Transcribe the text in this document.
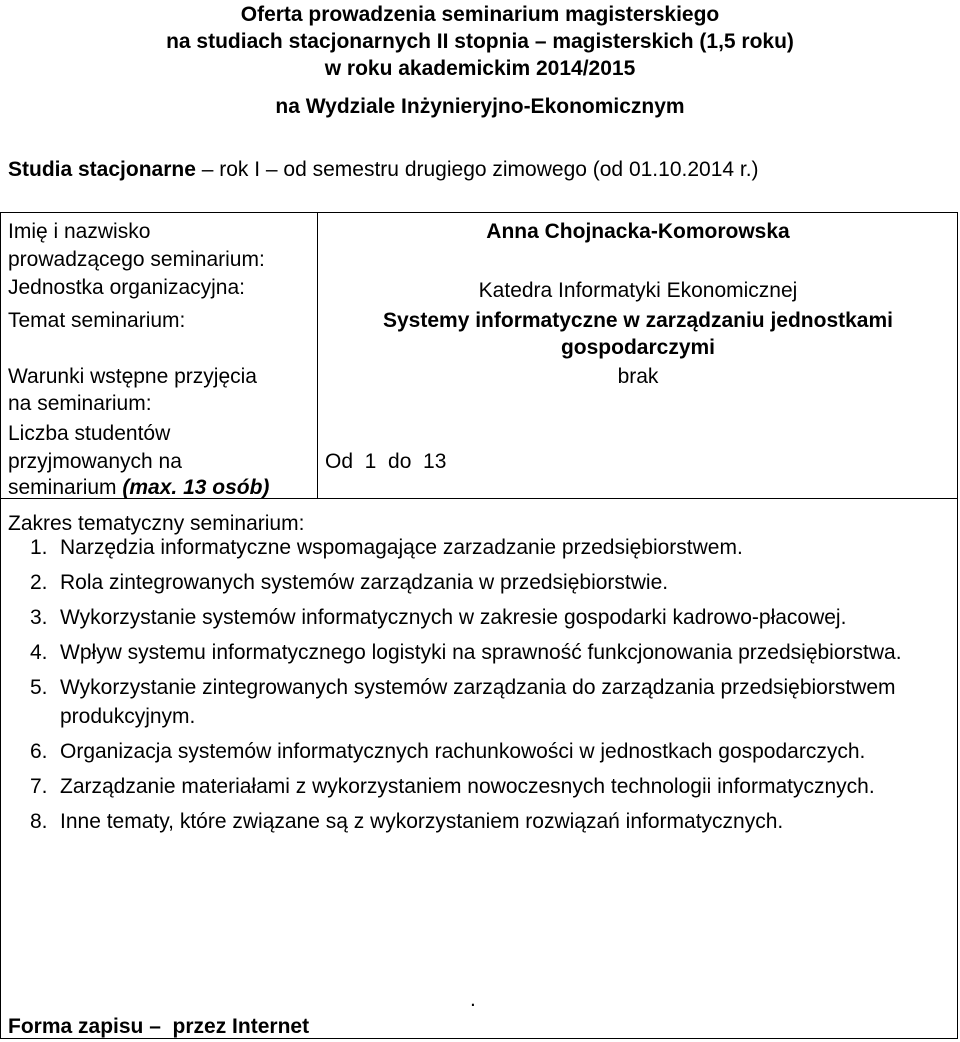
Oferta prowadzenia seminarium magisterskiego
na studiach stacjonarnych II stopnia – magisterskich (1,5 roku)
w roku akademickim 2014/2015
na Wydziale Inżynieryjno-Ekonomicznym
Studia stacjonarne – rok I – od semestru drugiego zimowego (od 01.10.2014 r.)
Imię i nazwisko
prowadzącego seminarium:
Anna Chojnacka-Komorowska
Jednostka organizacyjna:	Katedra Informatyki Ekonomicznej
Temat seminarium:	Systemy informatyczne w zarządzaniu jednostkami
gospodarczymi
Warunki wstępne przyjęcia
na seminarium:
brak
Liczba studentów
przyjmowanych na
seminarium (max. 13 osób)
Od  1  do  13
Zakres tematyczny seminarium:
1. Narzędzia informatyczne wspomagające zarzadzanie przedsiębiorstwem.
2. Rola zintegrowanych systemów zarządzania w przedsiębiorstwie.
3. Wykorzystanie systemów informatycznych w zakresie gospodarki kadrowo-płacowej.
4. Wpływ systemu informatycznego logistyki na sprawność funkcjonowania przedsiębiorstwa.
5. Wykorzystanie zintegrowanych systemów zarządzania do zarządzania przedsiębiorstwem produkcyjnym.
6. Organizacja systemów informatycznych rachunkowości w jednostkach gospodarczych.
7. Zarządzanie materiałami z wykorzystaniem nowoczesnych technologii informatycznych.
8. Inne tematy, które związane są z wykorzystaniem rozwiązań informatycznych.
.
Forma zapisu –  przez Internet
